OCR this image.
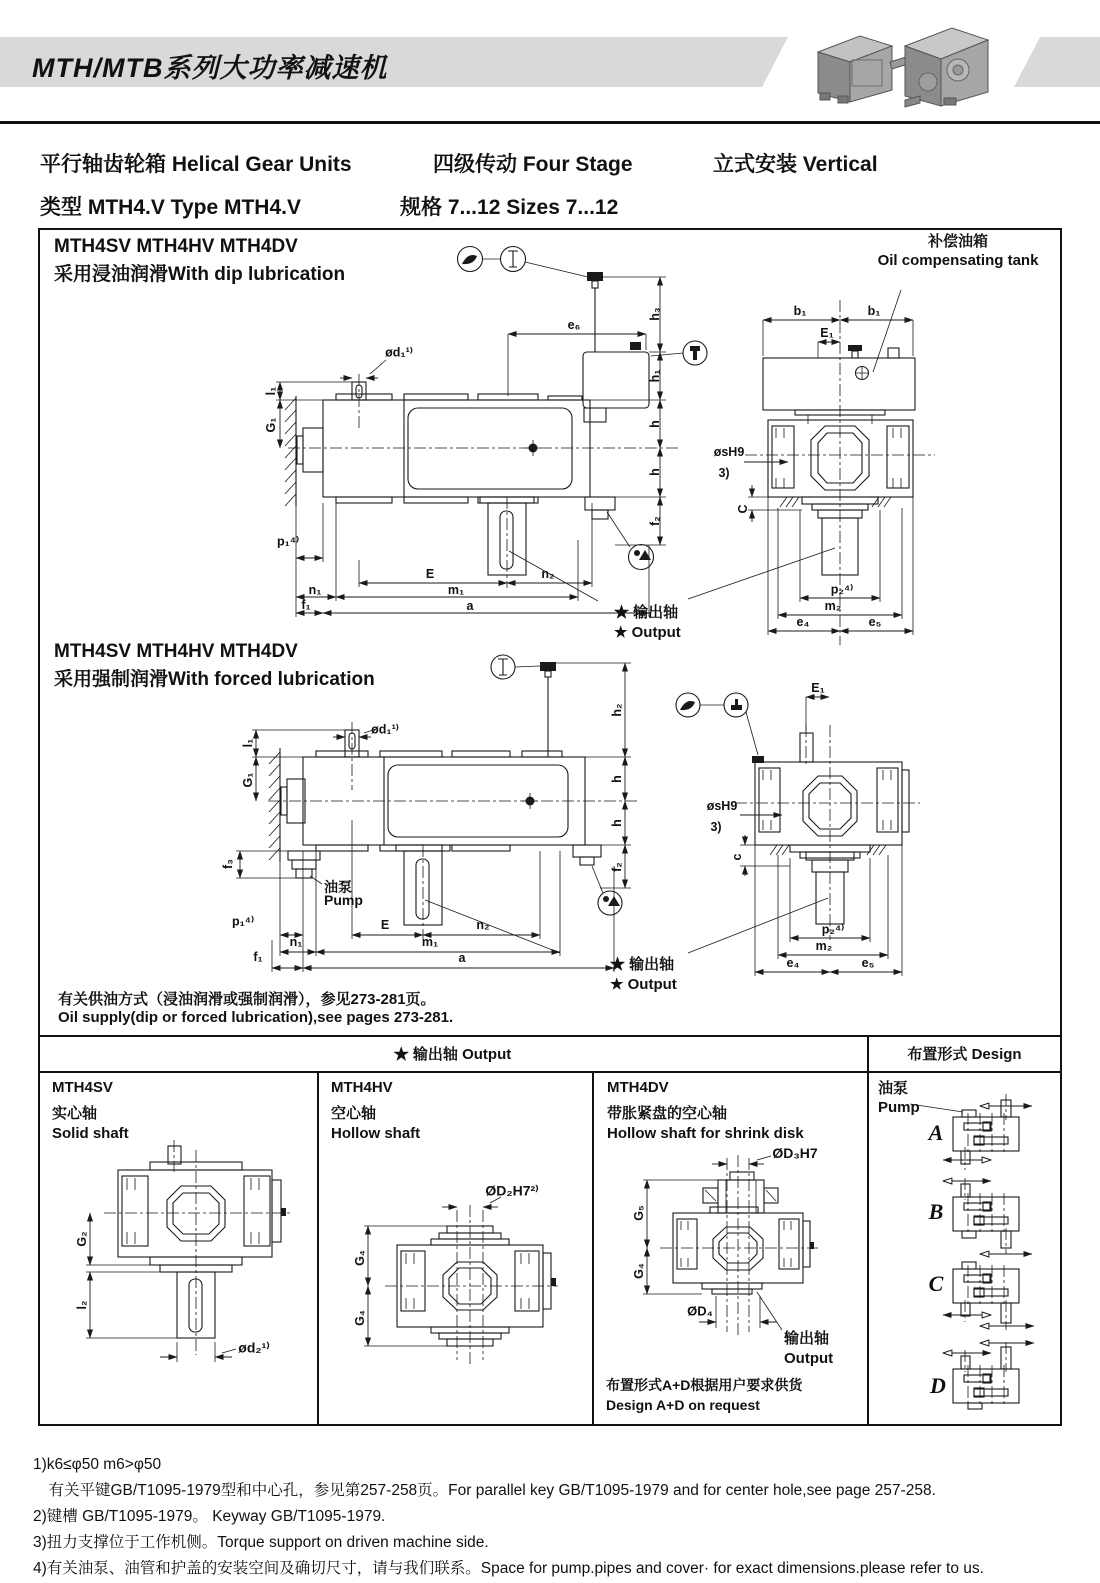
MTH/MTB系列大功率减速机
平行轴齿轮箱 Helical Gear Units	四级传动 Four Stage	立式安装 Vertical
类型 MTH4.V Type MTH4.V	规格 7...12 Sizes 7...12
MTH4SV MTH4HV MTH4DV
采用浸油润滑With dip lubrication
补偿油箱
Oil compensating tank
★ 输出轴
★ Output
MTH4SV MTH4HV MTH4DV
采用强制润滑With forced lubrication
油泵
Pump
★ 输出轴
★ Output
有关供油方式（浸油润滑或强制润滑），参见273-281页。
Oil supply(dip or forced lubrication),see pages 273-281.
★ 输出轴 Output	布置形式 Design
MTH4SV
实心轴
Solid shaft
MTH4HV
空心轴
Hollow shaft
MTH4DV
带胀紧盘的空心轴
Hollow shaft for shrink disk
输出轴
Output
布置形式A+D根据用户要求供货
Design A+D on request
油泵
Pump
1)k6≤φ50 m6>φ50
　有关平键GB/T1095-1979型和中心孔，参见第257-258页。For parallel key GB/T1095-1979 and for center hole,see page 257-258.
2)键槽 GB/T1095-1979。 Keyway GB/T1095-1979.
3)扭力支撑位于工作机侧。Torque support on driven machine side.
4)有关油泵、油管和护盖的安装空间及确切尺寸，请与我们联系。Space for pump.pipes and cover· for exact dimensions.please refer to us.
e₆
h₃
ød₁¹⁾
l₁
G₁
h₁
h
h
f₂
p₁⁴⁾
E	n₂
m₁
n₁
f₁	a
b₁	b₁
E₁
øsH9
3)
C
p₂⁴⁾
m₂
e₄	e₅
ød₁¹⁾
l₁
G₁
h₂
h
h
f₂
f₃
p₁⁴⁾	E	n₂
m₁
n₁
f₁	a
E₁
øsH9
3)
c
p₂⁴⁾
m₂
e₄	e₅
G₂
l₂
ød₂¹⁾
ØD₂H7²⁾
G₄
G₄
ØD₃H7
G₅
G₄
ØD₄
A
B
C
D
